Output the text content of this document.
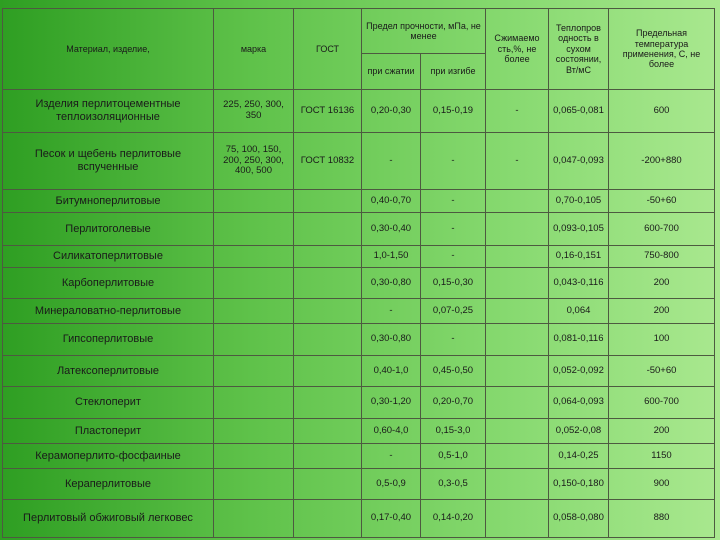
Материал, изделие,	марка	ГОСТ	Предел прочности, мПа, не менее		Сжимаемо сть,%, не более	Теплопров одность в сухом состоянии, Вт/мС	Предельная температура применения, С, не более
			при сжатии	при изгибе			
Изделия перлитоцементные теплоизоляционные	225, 250, 300, 350	ГОСТ 16136	0,20-0,30	0,15-0,19	-	0,065-0,081	600
Песок и щебень перлитовые вспученные	75, 100, 150, 200, 250, 300, 400, 500	ГОСТ 10832	-	-	-	0,047-0,093	-200+880
Битумноперлитовые			0,40-0,70	-		0,70-0,105	-50+60
Перлитоголевые			0,30-0,40	-		0,093-0,105	600-700
Силикатоперлитовые			1,0-1,50	-		0,16-0,151	750-800
Карбоперлитовые			0,30-0,80	0,15-0,30		0,043-0,116	200
Минераловатно-перлитовые			-	0,07-0,25		0,064	200
Гипсоперлитовые			0,30-0,80	-		0,081-0,116	100
Латексоперлитовые			0,40-1,0	0,45-0,50		0,052-0,092	-50+60
Стеклоперит			0,30-1,20	0,20-0,70		0,064-0,093	600-700
Пластоперит			0,60-4,0	0,15-3,0		0,052-0,08	200
Керамоперлито-фосфаиные			-	0,5-1,0		0,14-0,25	1150
Керaперлитовые			0,5-0,9	0,3-0,5		0,150-0,180	900
Перлитовый обжиговый легковес			0,17-0,40	0,14-0,20		0,058-0,080	880
